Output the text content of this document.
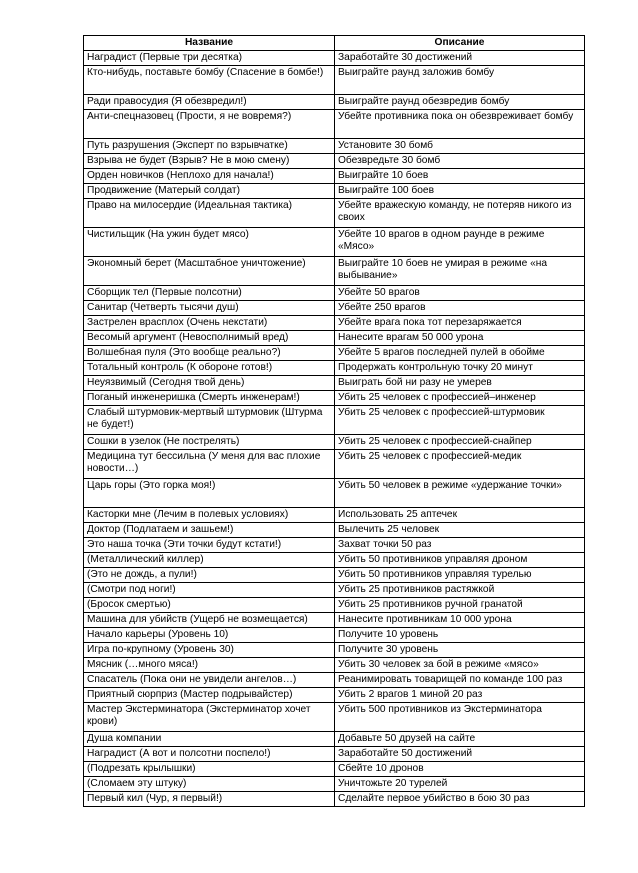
Название	Описание
Наградист (Первые три десятка)	Заработайте 30 достижений
Кто-нибудь, поставьте бомбу (Спасение в бомбе!)	Выиграйте раунд заложив бомбу
Ради правосудия (Я обезвредил!)	Выиграйте раунд обезвредив бомбу
Анти-спецназовец (Прости, я не вовремя?)	Убейте противника пока он обезвреживает бомбу
Путь разрушения (Эксперт по взрывчатке)	Установите 30 бомб
Взрыва не будет (Взрыв? Не в мою смену)	Обезвредьте 30 бомб
Орден новичков (Неплохо для начала!)	Выиграйте 10 боев
Продвижение (Матерый солдат)	Выиграйте 100 боев
Право на милосердие (Идеальная тактика)	Убейте вражескую команду, не потеряв никого из своих
Чистильщик (На ужин будет мясо)	Убейте 10 врагов в одном раунде в режиме «Мясо»
Экономный берет (Масштабное уничтожение)	Выиграйте 10 боев не умирая в режиме «на выбывание»
Сборщик тел (Первые полсотни)	Убейте 50 врагов
Санитар (Четверть тысячи душ)	Убейте 250 врагов
Застрелен врасплох (Очень некстати)	Убейте врага пока тот перезаряжается
Весомый аргумент (Невосполнимый вред)	Нанесите врагам 50 000 урона
Волшебная пуля (Это вообще реально?)	Убейте 5 врагов последней пулей в обойме
Тотальный контроль (К обороне готов!)	Продержать контрольную точку 20 минут
Неуязвимый (Сегодня твой день)	Выиграть бой ни разу не умерев
Поганый инженеришка (Смерть инженерам!)	Убить 25 человек с профессией–инженер
Слабый штурмовик-мертвый штурмовик (Штурма не будет!)	Убить 25 человек с профессией-штурмовик
Сошки в узелок (Не пострелять)	Убить 25 человек с профессией-снайпер
Медицина тут бессильна (У меня для вас плохие новости…)	Убить 25 человек с профессией-медик
Царь горы (Это горка моя!)	Убить 50 человек в режиме «удержание точки»
Касторки мне (Лечим в полевых условиях)	Использовать 25 аптечек
Доктор (Подлатаем и зашьем!)	Вылечить 25 человек
Это наша точка (Эти точки будут кстати!)	Захват точки 50 раз
(Металлический киллер)	Убить 50 противников управляя дроном
(Это не дождь, а пули!)	Убить 50 противников управляя турелью
(Смотри под ноги!)	Убить 25 противников растяжкой
(Бросок смертью)	Убить 25 противников ручной гранатой
Машина для убийств (Ущерб не возмещается)	Нанесите противникам 10 000 урона
Начало карьеры (Уровень 10)	Получите 10 уровень
Игра по-крупному (Уровень 30)	Получите 30 уровень
Мясник (…много мяса!)	Убить 30 человек за бой в режиме «мясо»
Спасатель (Пока они не увидели ангелов…)	Реанимировать товарищей по команде 100 раз
Приятный сюрприз (Мастер подрывайстер)	Убить 2 врагов 1 миной 20 раз
Мастер Экстерминатора (Экстерминатор хочет крови)	Убить 500 противников из Экстерминатора
Душа компании	Добавьте 50 друзей на сайте
Наградист (А вот и полсотни поспело!)	Заработайте 50 достижений
(Подрезать крылышки)	Сбейте 10 дронов
(Сломаем эту штуку)	Уничтожьте 20 турелей
Первый кил (Чур, я первый!)	Сделайте первое убийство в бою 30 раз
